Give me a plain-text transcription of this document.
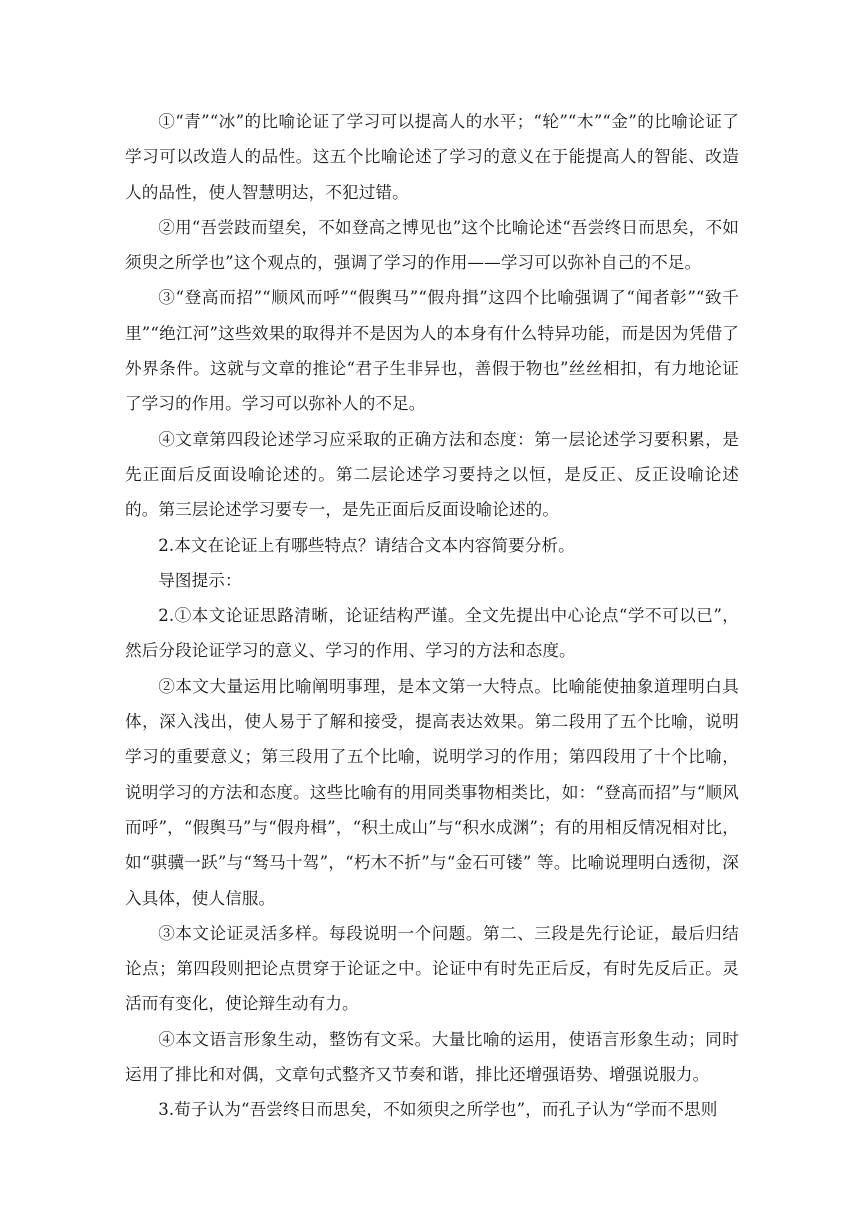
①“青”“冰”的比喻论证了学习可以提高人的水平；“轮”“木”“金”的比喻论证了学习可以改造人的品性。这五个比喻论述了学习的意义在于能提高人的智能、改造人的品性，使人智慧明达，不犯过错。

②用“吾尝跂而望矣，不如登高之博见也”这个比喻论述“吾尝终日而思矣，不如须臾之所学也”这个观点的，强调了学习的作用——学习可以弥补自己的不足。

③“登高而招”“顺风而呼”“假舆马”“假舟揖”这四个比喻强调了“闻者彰”“致千里”“绝江河”这些效果的取得并不是因为人的本身有什么特异功能，而是因为凭借了外界条件。这就与文章的推论“君子生非异也，善假于物也”丝丝相扣，有力地论证了学习的作用。学习可以弥补人的不足。

④文章第四段论述学习应采取的正确方法和态度：第一层论述学习要积累，是先正面后反面设喻论述的。第二层论述学习要持之以恒，是反正、反正设喻论述的。第三层论述学习要专一，是先正面后反面设喻论述的。

2.本文在论证上有哪些特点？请结合文本内容简要分析。

导图提示：

2.①本文论证思路清晰，论证结构严谨。全文先提出中心论点“学不可以已”，然后分段论证学习的意义、学习的作用、学习的方法和态度。

②本文大量运用比喻阐明事理，是本文第一大特点。比喻能使抽象道理明白具体，深入浅出，使人易于了解和接受，提高表达效果。第二段用了五个比喻，说明学习的重要意义；第三段用了五个比喻，说明学习的作用；第四段用了十个比喻，说明学习的方法和态度。这些比喻有的用同类事物相类比，如：“登高而招”与“顺风而呼”，“假舆马”与“假舟楫”，“积土成山”与“积水成渊”；有的用相反情况相对比，如“骐骥一跃”与“驽马十驾”，“朽木不折”与“金石可镂” 等。比喻说理明白透彻，深入具体，使人信服。

③本文论证灵活多样。每段说明一个问题。第二、三段是先行论证，最后归结论点；第四段则把论点贯穿于论证之中。论证中有时先正后反，有时先反后正。灵活而有变化，使论辩生动有力。

④本文语言形象生动，整饬有文采。大量比喻的运用，使语言形象生动；同时运用了排比和对偶，文章句式整齐又节奏和谐，排比还增强语势、增强说服力。

3.荀子认为“吾尝终日而思矣，不如须臾之所学也”，而孔子认为“学而不思则
